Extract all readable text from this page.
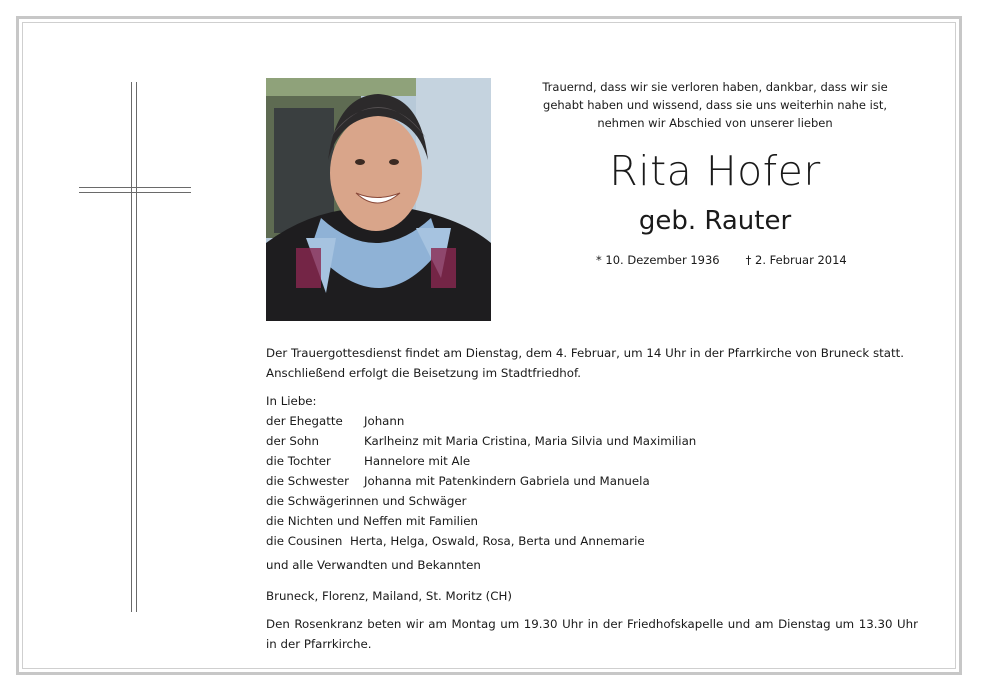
Trauernd, dass wir sie verloren haben, dankbar, dass wir sie
gehabt haben und wissend, dass sie uns weiterhin nahe ist,
nehmen wir Abschied von unserer lieben
Rita Hofer
geb. Rauter
* 10. Dezember 1936 † 2. Februar 2014
Der Trauergottesdienst findet am Dienstag, dem 4. Februar, um 14 Uhr in der Pfarrkirche von Bruneck statt.
Anschließend erfolgt die Beisetzung im Stadtfriedhof.
In Liebe:
der Ehegatte Johann
der Sohn	Karlheinz mit Maria Cristina, Maria Silvia und Maximilian
die Tochter	Hannelore mit Ale
die Schwester Johanna mit Patenkindern Gabriela und Manuela
die Schwägerinnen und Schwäger
die Nichten und Neffen mit Familien
die Cousinen Herta, Helga, Oswald, Rosa, Berta und Annemarie
und alle Verwandten und Bekannten
Bruneck, Florenz, Mailand, St. Moritz (CH)
Den Rosenkranz beten wir am Montag um 19.30 Uhr in der Friedhofskapelle und am Dienstag um 13.30 Uhr in der Pfarrkirche.
